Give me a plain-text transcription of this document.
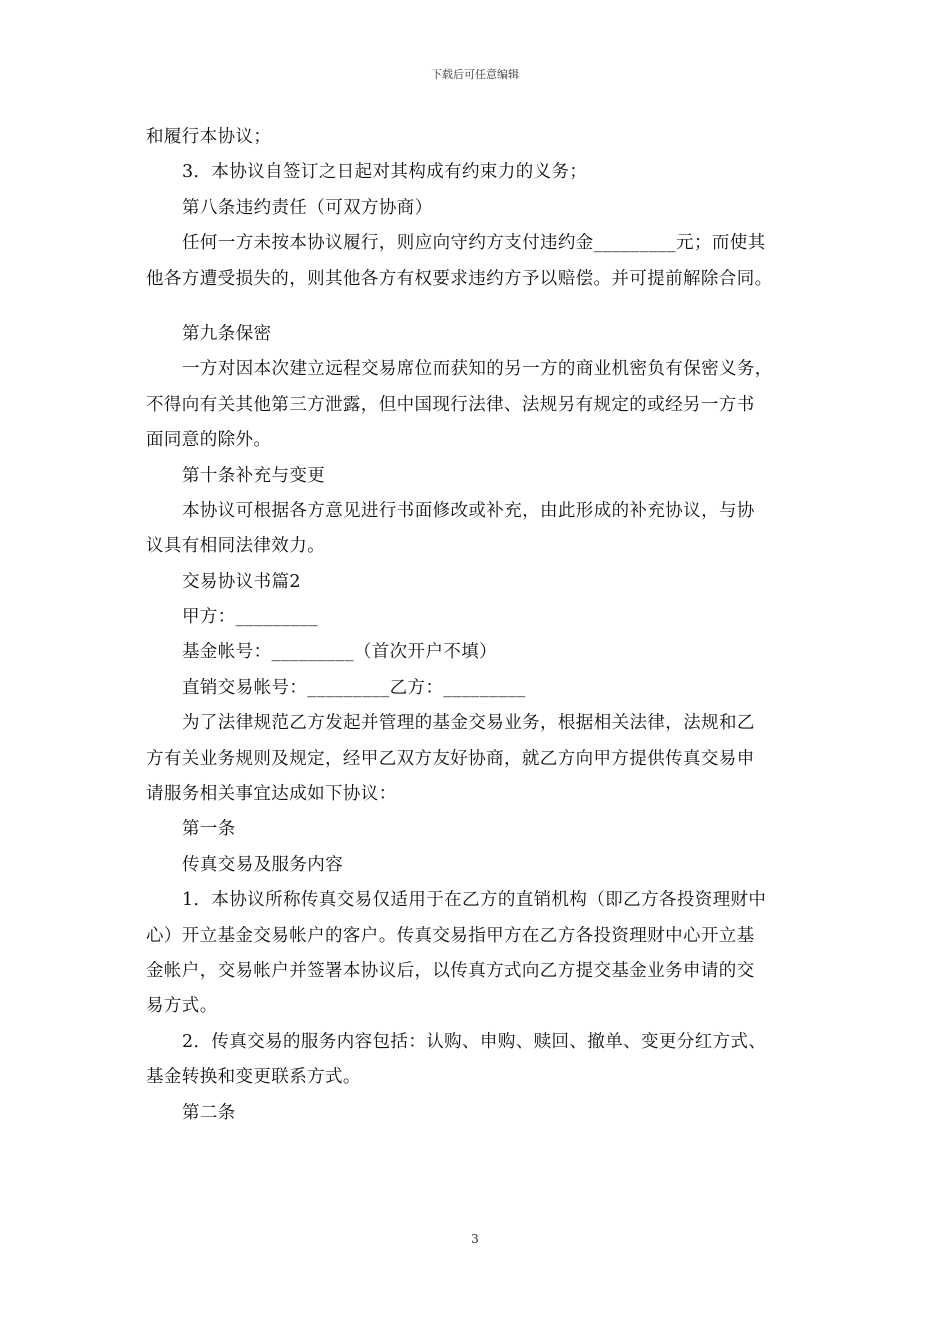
下载后可任意编辑
和履行本协议；
3．本协议自签订之日起对其构成有约束力的义务；
第八条违约责任（可双方协商）
任何一方未按本协议履行，则应向守约方支付违约金_________元；而使其
他各方遭受损失的，则其他各方有权要求违约方予以赔偿。并可提前解除合同。
第九条保密
一方对因本次建立远程交易席位而获知的另一方的商业机密负有保密义务，
不得向有关其他第三方泄露，但中国现行法律、法规另有规定的或经另一方书
面同意的除外。
第十条补充与变更
本协议可根据各方意见进行书面修改或补充，由此形成的补充协议，与协
议具有相同法律效力。
交易协议书篇2
甲方：_________
基金帐号：_________（首次开户不填）
直销交易帐号：_________乙方：_________
为了法律规范乙方发起并管理的基金交易业务，根据相关法律，法规和乙
方有关业务规则及规定，经甲乙双方友好协商，就乙方向甲方提供传真交易申
请服务相关事宜达成如下协议：
第一条
传真交易及服务内容
1．本协议所称传真交易仅适用于在乙方的直销机构（即乙方各投资理财中
心）开立基金交易帐户的客户。传真交易指甲方在乙方各投资理财中心开立基
金帐户，交易帐户并签署本协议后，以传真方式向乙方提交基金业务申请的交
易方式。
2．传真交易的服务内容包括：认购、申购、赎回、撤单、变更分红方式、
基金转换和变更联系方式。
第二条
3
